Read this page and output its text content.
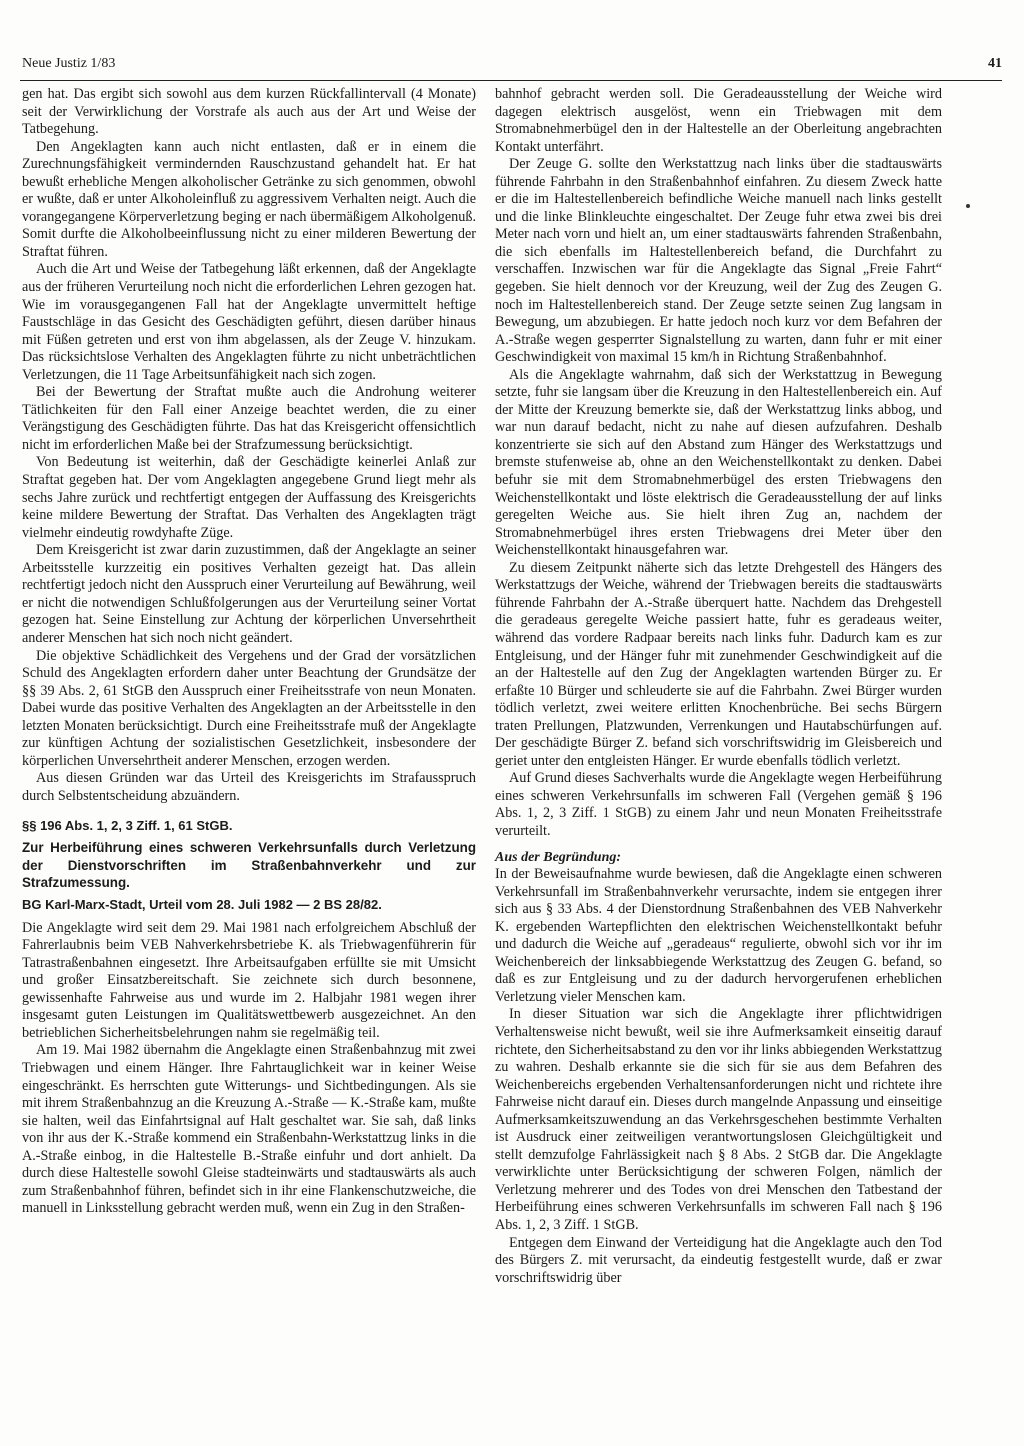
Neue Justiz 1/83	41

gen hat. Das ergibt sich sowohl aus dem kurzen Rückfallintervall (4 Monate) seit der Verwirklichung der Vorstrafe als auch aus der Art und Weise der Tatbegehung.

Den Angeklagten kann auch nicht entlasten, daß er in einem die Zurechnungsfähigkeit vermindernden Rauschzustand gehandelt hat. Er hat bewußt erhebliche Mengen alkoholischer Getränke zu sich genommen, obwohl er wußte, daß er unter Alkoholeinfluß zu aggressivem Verhalten neigt. Auch die vorangegangene Körperverletzung beging er nach übermäßigem Alkoholgenuß. Somit durfte die Alkoholbeeinflussung nicht zu einer milderen Bewertung der Straftat führen.

Auch die Art und Weise der Tatbegehung läßt erkennen, daß der Angeklagte aus der früheren Verurteilung noch nicht die erforderlichen Lehren gezogen hat. Wie im vorausgegangenen Fall hat der Angeklagte unvermittelt heftige Faustschläge in das Gesicht des Geschädigten geführt, diesen darüber hinaus mit Füßen getreten und erst von ihm abgelassen, als der Zeuge V. hinzukam. Das rücksichtslose Verhalten des Angeklagten führte zu nicht unbeträchtlichen Verletzungen, die 11 Tage Arbeitsunfähigkeit nach sich zogen.

Bei der Bewertung der Straftat mußte auch die Androhung weiterer Tätlichkeiten für den Fall einer Anzeige beachtet werden, die zu einer Verängstigung des Geschädigten führte. Das hat das Kreisgericht offensichtlich nicht im erforderlichen Maße bei der Strafzumessung berücksichtigt.

Von Bedeutung ist weiterhin, daß der Geschädigte keinerlei Anlaß zur Straftat gegeben hat. Der vom Angeklagten angegebene Grund liegt mehr als sechs Jahre zurück und rechtfertigt entgegen der Auffassung des Kreisgerichts keine mildere Bewertung der Straftat. Das Verhalten des Angeklagten trägt vielmehr eindeutig rowdyhafte Züge.

Dem Kreisgericht ist zwar darin zuzustimmen, daß der Angeklagte an seiner Arbeitsstelle kurzzeitig ein positives Verhalten gezeigt hat. Das allein rechtfertigt jedoch nicht den Ausspruch einer Verurteilung auf Bewährung, weil er nicht die notwendigen Schlußfolgerungen aus der Verurteilung seiner Vortat gezogen hat. Seine Einstellung zur Achtung der körperlichen Unversehrtheit anderer Menschen hat sich noch nicht geändert.

Die objektive Schädlichkeit des Vergehens und der Grad der vorsätzlichen Schuld des Angeklagten erfordern daher unter Beachtung der Grundsätze der §§ 39 Abs. 2, 61 StGB den Ausspruch einer Freiheitsstrafe von neun Monaten. Dabei wurde das positive Verhalten des Angeklagten an der Arbeitsstelle in den letzten Monaten berücksichtigt. Durch eine Freiheitsstrafe muß der Angeklagte zur künftigen Achtung der sozialistischen Gesetzlichkeit, insbesondere der körperlichen Unversehrtheit anderer Menschen, erzogen werden.

Aus diesen Gründen war das Urteil des Kreisgerichts im Strafausspruch durch Selbstentscheidung abzuändern.

§§ 196 Abs. 1, 2, 3 Ziff. 1, 61 StGB.

Zur Herbeiführung eines schweren Verkehrsunfalls durch Verletzung der Dienstvorschriften im Straßenbahnverkehr und zur Strafzumessung.

BG Karl-Marx-Stadt, Urteil vom 28. Juli 1982 — 2 BS 28/82.

Die Angeklagte wird seit dem 29. Mai 1981 nach erfolgreichem Abschluß der Fahrerlaubnis beim VEB Nahverkehrsbetriebe K. als Triebwagenführerin für Tatrastraßenbahnen eingesetzt. Ihre Arbeitsaufgaben erfüllte sie mit Umsicht und großer Einsatzbereitschaft. Sie zeichnete sich durch besonnene, gewissenhafte Fahrweise aus und wurde im 2. Halbjahr 1981 wegen ihrer insgesamt guten Leistungen im Qualitätswettbewerb ausgezeichnet. An den betrieblichen Sicherheitsbelehrungen nahm sie regelmäßig teil.

Am 19. Mai 1982 übernahm die Angeklagte einen Straßenbahnzug mit zwei Triebwagen und einem Hänger. Ihre Fahrtauglichkeit war in keiner Weise eingeschränkt. Es herrschten gute Witterungs- und Sichtbedingungen. Als sie mit ihrem Straßenbahnzug an die Kreuzung A.-Straße — K.-Straße kam, mußte sie halten, weil das Einfahrtsignal auf Halt geschaltet war. Sie sah, daß links von ihr aus der K.-Straße kommend ein Straßenbahn-Werkstattzug links in die A.-Straße einbog, in die Haltestelle B.-Straße einfuhr und dort anhielt. Da durch diese Haltestelle sowohl Gleise stadteinwärts und stadtauswärts als auch zum Straßenbahnhof führen, befindet sich in ihr eine Flankenschutzweiche, die manuell in Linksstellung gebracht werden muß, wenn ein Zug in den Straßen-

bahnhof gebracht werden soll. Die Geradeausstellung der Weiche wird dagegen elektrisch ausgelöst, wenn ein Triebwagen mit dem Stromabnehmerbügel den in der Haltestelle an der Oberleitung angebrachten Kontakt unterfährt.

Der Zeuge G. sollte den Werkstattzug nach links über die stadtauswärts führende Fahrbahn in den Straßenbahnhof einfahren. Zu diesem Zweck hatte er die im Haltestellenbereich befindliche Weiche manuell nach links gestellt und die linke Blinkleuchte eingeschaltet. Der Zeuge fuhr etwa zwei bis drei Meter nach vorn und hielt an, um einer stadtauswärts fahrenden Straßenbahn, die sich ebenfalls im Haltestellenbereich befand, die Durchfahrt zu verschaffen. Inzwischen war für die Angeklagte das Signal „Freie Fahrt“ gegeben. Sie hielt dennoch vor der Kreuzung, weil der Zug des Zeugen G. noch im Haltestellenbereich stand. Der Zeuge setzte seinen Zug langsam in Bewegung, um abzubiegen. Er hatte jedoch noch kurz vor dem Befahren der A.-Straße wegen gesperrter Signalstellung zu warten, dann fuhr er mit einer Geschwindigkeit von maximal 15 km/h in Richtung Straßenbahnhof.

Als die Angeklagte wahrnahm, daß sich der Werkstattzug in Bewegung setzte, fuhr sie langsam über die Kreuzung in den Haltestellenbereich ein. Auf der Mitte der Kreuzung bemerkte sie, daß der Werkstattzug links abbog, und war nun darauf bedacht, nicht zu nahe auf diesen aufzufahren. Deshalb konzentrierte sie sich auf den Abstand zum Hänger des Werkstattzugs und bremste stufenweise ab, ohne an den Weichenstellkontakt zu denken. Dabei befuhr sie mit dem Stromabnehmerbügel des ersten Triebwagens den Weichenstellkontakt und löste elektrisch die Geradeausstellung der auf links geregelten Weiche aus. Sie hielt ihren Zug an, nachdem der Stromabnehmerbügel ihres ersten Triebwagens drei Meter über den Weichenstellkontakt hinausgefahren war.

Zu diesem Zeitpunkt näherte sich das letzte Drehgestell des Hängers des Werkstattzugs der Weiche, während der Triebwagen bereits die stadtauswärts führende Fahrbahn der A.-Straße überquert hatte. Nachdem das Drehgestell die geradeaus geregelte Weiche passiert hatte, fuhr es geradeaus weiter, während das vordere Radpaar bereits nach links fuhr. Dadurch kam es zur Entgleisung, und der Hänger fuhr mit zunehmender Geschwindigkeit auf die an der Haltestelle auf den Zug der Angeklagten wartenden Bürger zu. Er erfaßte 10 Bürger und schleuderte sie auf die Fahrbahn. Zwei Bürger wurden tödlich verletzt, zwei weitere erlitten Knochenbrüche. Bei sechs Bürgern traten Prellungen, Platzwunden, Verrenkungen und Hautabschürfungen auf. Der geschädigte Bürger Z. befand sich vorschriftswidrig im Gleisbereich und geriet unter den entgleisten Hänger. Er wurde ebenfalls tödlich verletzt.

Auf Grund dieses Sachverhalts wurde die Angeklagte wegen Herbeiführung eines schweren Verkehrsunfalls im schweren Fall (Vergehen gemäß § 196 Abs. 1, 2, 3 Ziff. 1 StGB) zu einem Jahr und neun Monaten Freiheitsstrafe verurteilt.

Aus der Begründung:

In der Beweisaufnahme wurde bewiesen, daß die Angeklagte einen schweren Verkehrsunfall im Straßenbahnverkehr verursachte, indem sie entgegen ihrer sich aus § 33 Abs. 4 der Dienstordnung Straßenbahnen des VEB Nahverkehr K. ergebenden Wartepflichten den elektrischen Weichenstellkontakt befuhr und dadurch die Weiche auf „geradeaus“ regulierte, obwohl sich vor ihr im Weichenbereich der linksabbiegende Werkstattzug des Zeugen G. befand, so daß es zur Entgleisung und zu der dadurch hervorgerufenen erheblichen Verletzung vieler Menschen kam.

In dieser Situation war sich die Angeklagte ihrer pflichtwidrigen Verhaltensweise nicht bewußt, weil sie ihre Aufmerksamkeit einseitig darauf richtete, den Sicherheitsabstand zu den vor ihr links abbiegenden Werkstattzug zu wahren. Deshalb erkannte sie die sich für sie aus dem Befahren des Weichenbereichs ergebenden Verhaltensanforderungen nicht und richtete ihre Fahrweise nicht darauf ein. Dieses durch mangelnde Anpassung und einseitige Aufmerksamkeitszuwendung an das Verkehrsgeschehen bestimmte Verhalten ist Ausdruck einer zeitweiligen verantwortungslosen Gleichgültigkeit und stellt demzufolge Fahrlässigkeit nach § 8 Abs. 2 StGB dar. Die Angeklagte verwirklichte unter Berücksichtigung der schweren Folgen, nämlich der Verletzung mehrerer und des Todes von drei Menschen den Tatbestand der Herbeiführung eines schweren Verkehrsunfalls im schweren Fall nach § 196 Abs. 1, 2, 3 Ziff. 1 StGB.

Entgegen dem Einwand der Verteidigung hat die Angeklagte auch den Tod des Bürgers Z. mit verursacht, da eindeutig festgestellt wurde, daß er zwar vorschriftswidrig über
